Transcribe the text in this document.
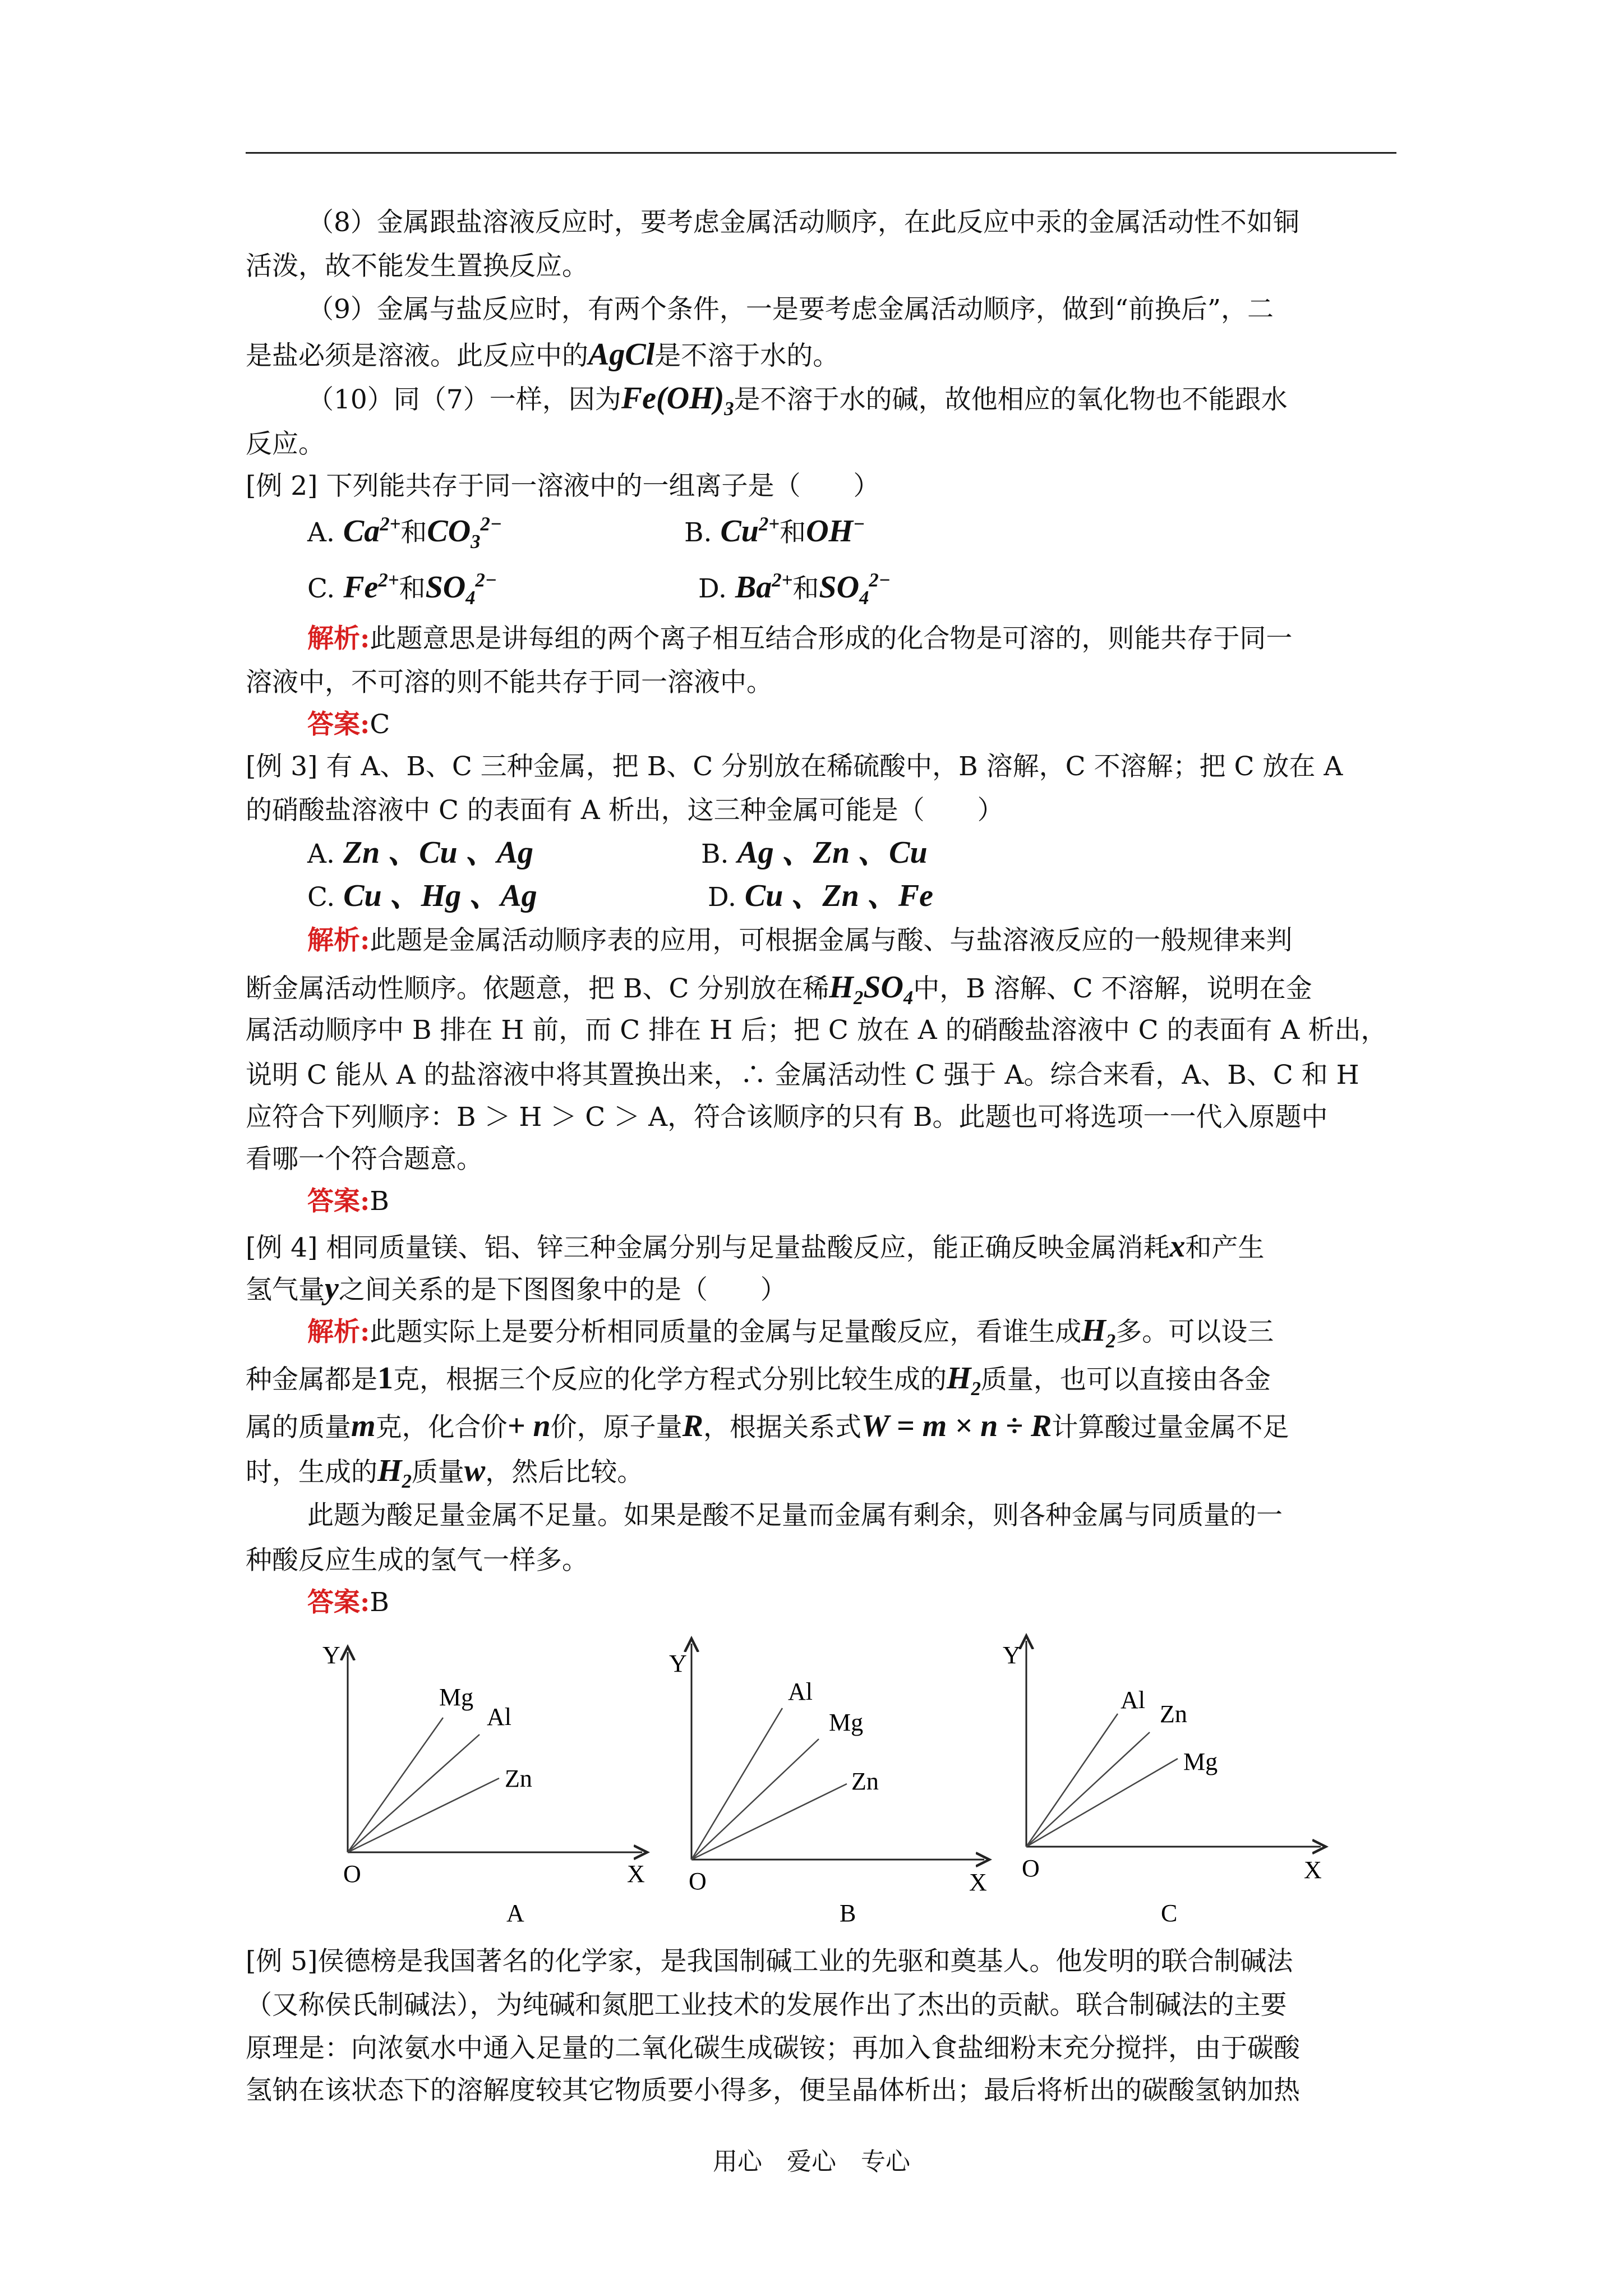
（8）金属跟盐溶液反应时，要考虑金属活动顺序，在此反应中汞的金属活动性不如铜
活泼，故不能发生置换反应。
（9）金属与盐反应时，有两个条件，一是要考虑金属活动顺序，做到“前换后”，二
是盐必须是溶液。此反应中的AgCl是不溶于水的。
（10）同（7）一样，因为$Fe(OH)_3$是不溶于水的碱，故他相应的氧化物也不能跟水
反应。
[例 2] 下列能共存于同一溶液中的一组离子是（　　）
A. $Ca^{2+}$和$CO_3^{2-}$	B. $Cu^{2+}$和OH−
C. $Fe^{2+}$和$SO_4^{2-}$	D. $Ba^{2+}$和$SO_4^{2-}$
解析:此题意思是讲每组的两个离子相互结合形成的化合物是可溶的，则能共存于同一
溶液中，不可溶的则不能共存于同一溶液中。
答案:C
[例 3] 有 A、B、C 三种金属，把 B、C 分别放在稀硫酸中，B 溶解，C 不溶解；把 C 放在 A
的硝酸盐溶液中 C 的表面有 A 析出，这三种金属可能是（　　）
A. Zn 、Cu 、Ag	B. Ag 、Zn 、Cu
C. Cu 、Hg 、Ag	D. Cu 、Zn 、Fe
解析:此题是金属活动顺序表的应用，可根据金属与酸、与盐溶液反应的一般规律来判
断金属活动性顺序。依题意，把 B、C 分别放在稀$H_2SO_4$中，B 溶解、C 不溶解，说明在金
属活动顺序中 B 排在 H 前，而 C 排在 H 后；把 C 放在 A 的硝酸盐溶液中 C 的表面有 A 析出，
说明 C 能从 A 的盐溶液中将其置换出来，∴ 金属活动性 C 强于 A。综合来看，A、B、C 和 H
应符合下列顺序：B ＞ H ＞ C ＞ A，符合该顺序的只有 B。此题也可将选项一一代入原题中
看哪一个符合题意。
答案:B
[例 4] 相同质量镁、铝、锌三种金属分别与足量盐酸反应，能正确反映金属消耗x和产生
氢气量y之间关系的是下图图象中的是（　　）
解析:此题实际上是要分析相同质量的金属与足量酸反应，看谁生成$H_2$多。可以设三
种金属都是1克，根据三个反应的化学方程式分别比较生成的$H_2$质量，也可以直接由各金
属的质量m克，化合价+ n价，原子量R，根据关系式W = m × n ÷ R计算酸过量金属不足
时，生成的$H_2$质量w，然后比较。
此题为酸足量金属不足量。如果是酸不足量而金属有剩余，则各种金属与同质量的一
种酸反应生成的氢气一样多。
答案:B
Y
X
O
Mg
Al
Zn
A
Y
X
O
Al
Mg
Zn
B
Y
X
O
Al
Zn
Mg
C
[例 5]侯德榜是我国著名的化学家，是我国制碱工业的先驱和奠基人。他发明的联合制碱法
（又称侯氏制碱法），为纯碱和氮肥工业技术的发展作出了杰出的贡献。联合制碱法的主要
原理是：向浓氨水中通入足量的二氧化碳生成碳铵；再加入食盐细粉末充分搅拌，由于碳酸
氢钠在该状态下的溶解度较其它物质要小得多，便呈晶体析出；最后将析出的碳酸氢钠加热
用心　爱心　专心
